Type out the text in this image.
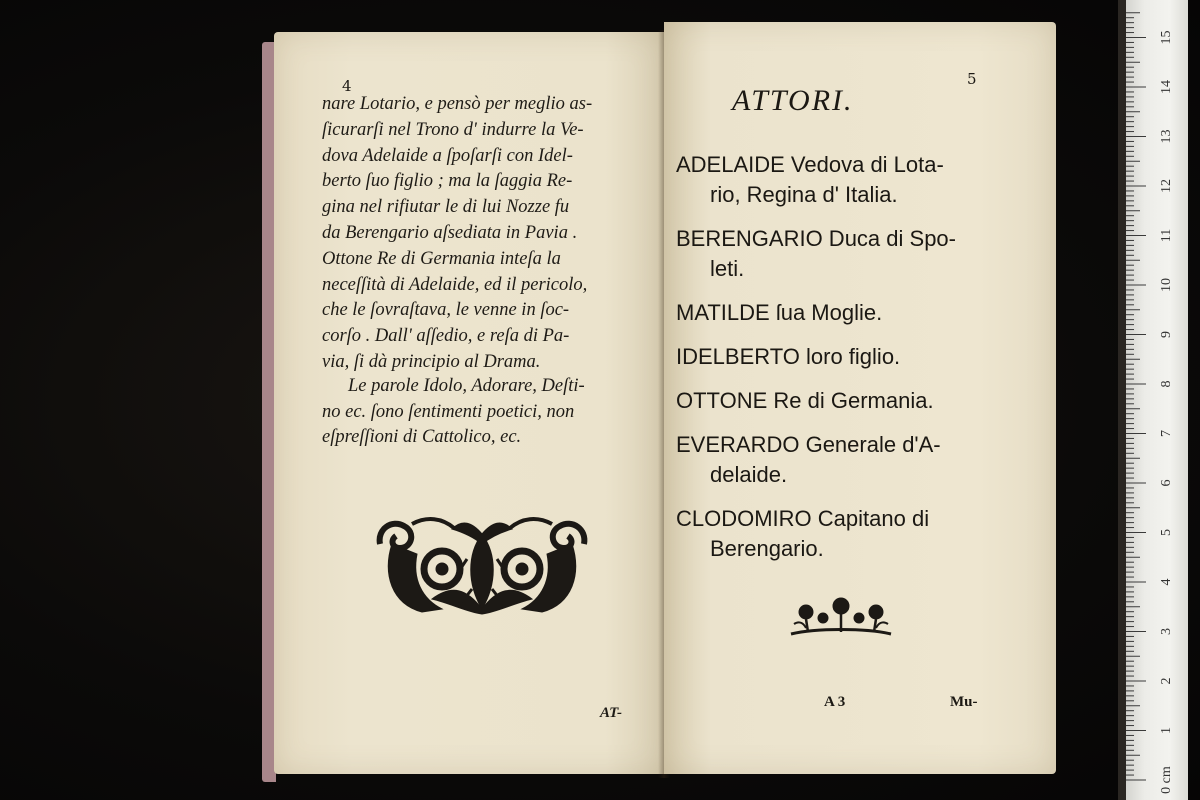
4
nare Lotario, e pensò per meglio as-
ſicurarſi nel Trono d' indurre la Ve-
dova Adelaide a ſpoſarſi con Idel-
berto ſuo figlio ; ma la ſaggia Re-
gina nel rifiutar le di lui Nozze fu
da Berengario aſsediata in Pavia .
Ottone Re di Germania inteſa la
neceſſità di Adelaide, ed il pericolo,
che le ſovraſtava, le venne in ſoc-
corſo . Dall' aſſedio, e reſa di Pa-
via, ſi dà principio al Drama.
Le parole Idolo, Adorare, Deſti-
no ec. ſono ſentimenti poetici, non
eſpreſſioni di Cattolico, ec.
AT-
5
ATTORI.
ADELAIDE Vedova di Lota-
rio, Regina d' Italia.
BERENGARIO Duca di Spo-
leti.
MATILDE ſua Moglie.
IDELBERTO loro figlio.
OTTONE Re di Germania.
EVERARDO Generale d'A-
delaide.
CLODOMIRO Capitano di
Berengario.
A 3	Mu-
0 cm
1
2
3
4
5
6
7
8
9
10
11
12
13
14
15
